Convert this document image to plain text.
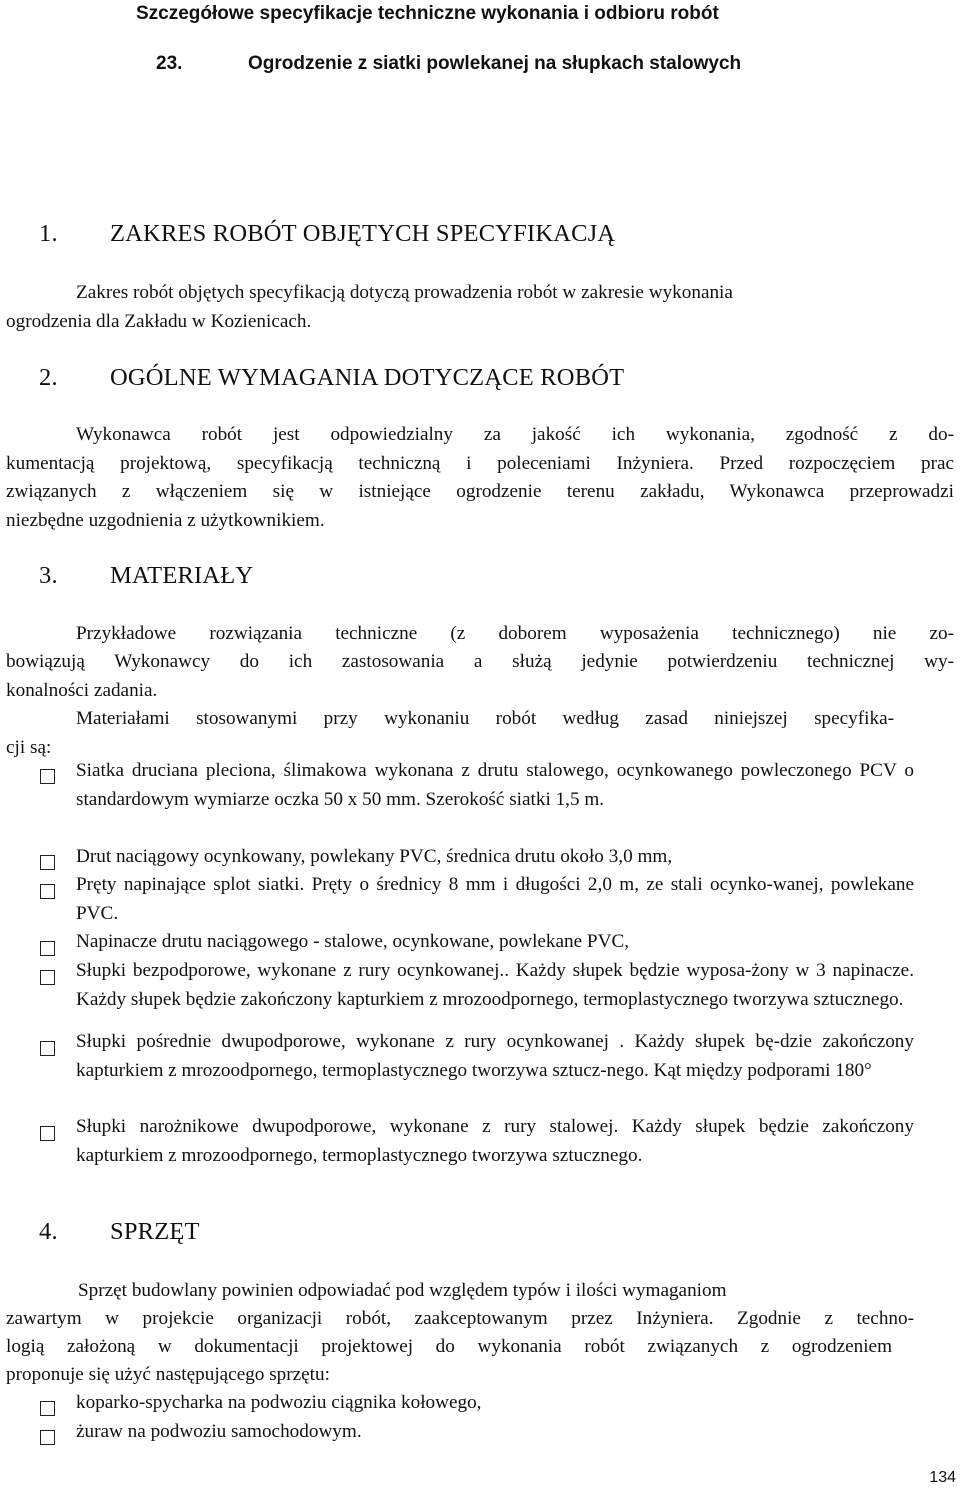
Szczegółowe specyfikacje techniczne wykonania i odbioru robót

23.	Ogrodzenie z siatki powlekanej na słupkach stalowych

1. ZAKRES ROBÓT OBJĘTYCH SPECYFIKACJĄ

Zakres robót objętych specyfikacją dotyczą prowadzenia robót w zakresie wykonania

ogrodzenia dla Zakładu w Kozienicach.

2. OGÓLNE WYMAGANIA DOTYCZĄCE ROBÓT

Wykonawca robót jest odpowiedzialny za jakość ich wykonania, zgodność z do-

kumentacją projektową, specyfikacją techniczną i poleceniami Inżyniera. Przed rozpoczęciem prac

związanych z włączeniem się w istniejące ogrodzenie terenu zakładu, Wykonawca przeprowadzi

niezbędne uzgodnienia z użytkownikiem.

3. MATERIAŁY

Przykładowe rozwiązania techniczne (z doborem wyposażenia technicznego) nie zo-

bowiązują Wykonawcy do ich zastosowania a służą jedynie potwierdzeniu technicznej wy-

konalności zadania.

Materiałami stosowanymi przy wykonaniu robót według zasad niniejszej specyfika-

cji są:

Siatka druciana pleciona, ślimakowa wykonana z drutu stalowego, ocynkowanego powleczonego PCV o standardowym wymiarze oczka 50 x 50 mm. Szerokość siatki 1,5 m.

Drut naciągowy ocynkowany, powlekany PVC, średnica drutu około 3,0 mm,

Pręty napinające splot siatki. Pręty o średnicy 8 mm i długości 2,0 m, ze stali ocynko-wanej, powlekane PVC.

Napinacze drutu naciągowego - stalowe, ocynkowane, powlekane PVC,

Słupki bezpodporowe, wykonane z rury ocynkowanej.. Każdy słupek będzie wyposa-żony w 3 napinacze. Każdy słupek będzie zakończony kapturkiem z mrozoodpornego, termoplastycznego tworzywa sztucznego.

Słupki pośrednie dwupodporowe, wykonane z rury ocynkowanej . Każdy słupek bę-dzie zakończony kapturkiem z mrozoodpornego, termoplastycznego tworzywa sztucz-nego. Kąt między podporami 180°

Słupki narożnikowe dwupodporowe, wykonane z rury stalowej. Każdy słupek będzie zakończony kapturkiem z mrozoodpornego, termoplastycznego tworzywa sztucznego.

4. SPRZĘT

Sprzęt budowlany powinien odpowiadać pod względem typów i ilości wymaganiom

zawartym w projekcie organizacji robót, zaakceptowanym przez Inżyniera. Zgodnie z techno-

logią założoną w dokumentacji projektowej do wykonania robót związanych z ogrodzeniem

proponuje się użyć następującego sprzętu:

koparko-spycharka na podwoziu ciągnika kołowego,

żuraw na podwoziu samochodowym.

134
